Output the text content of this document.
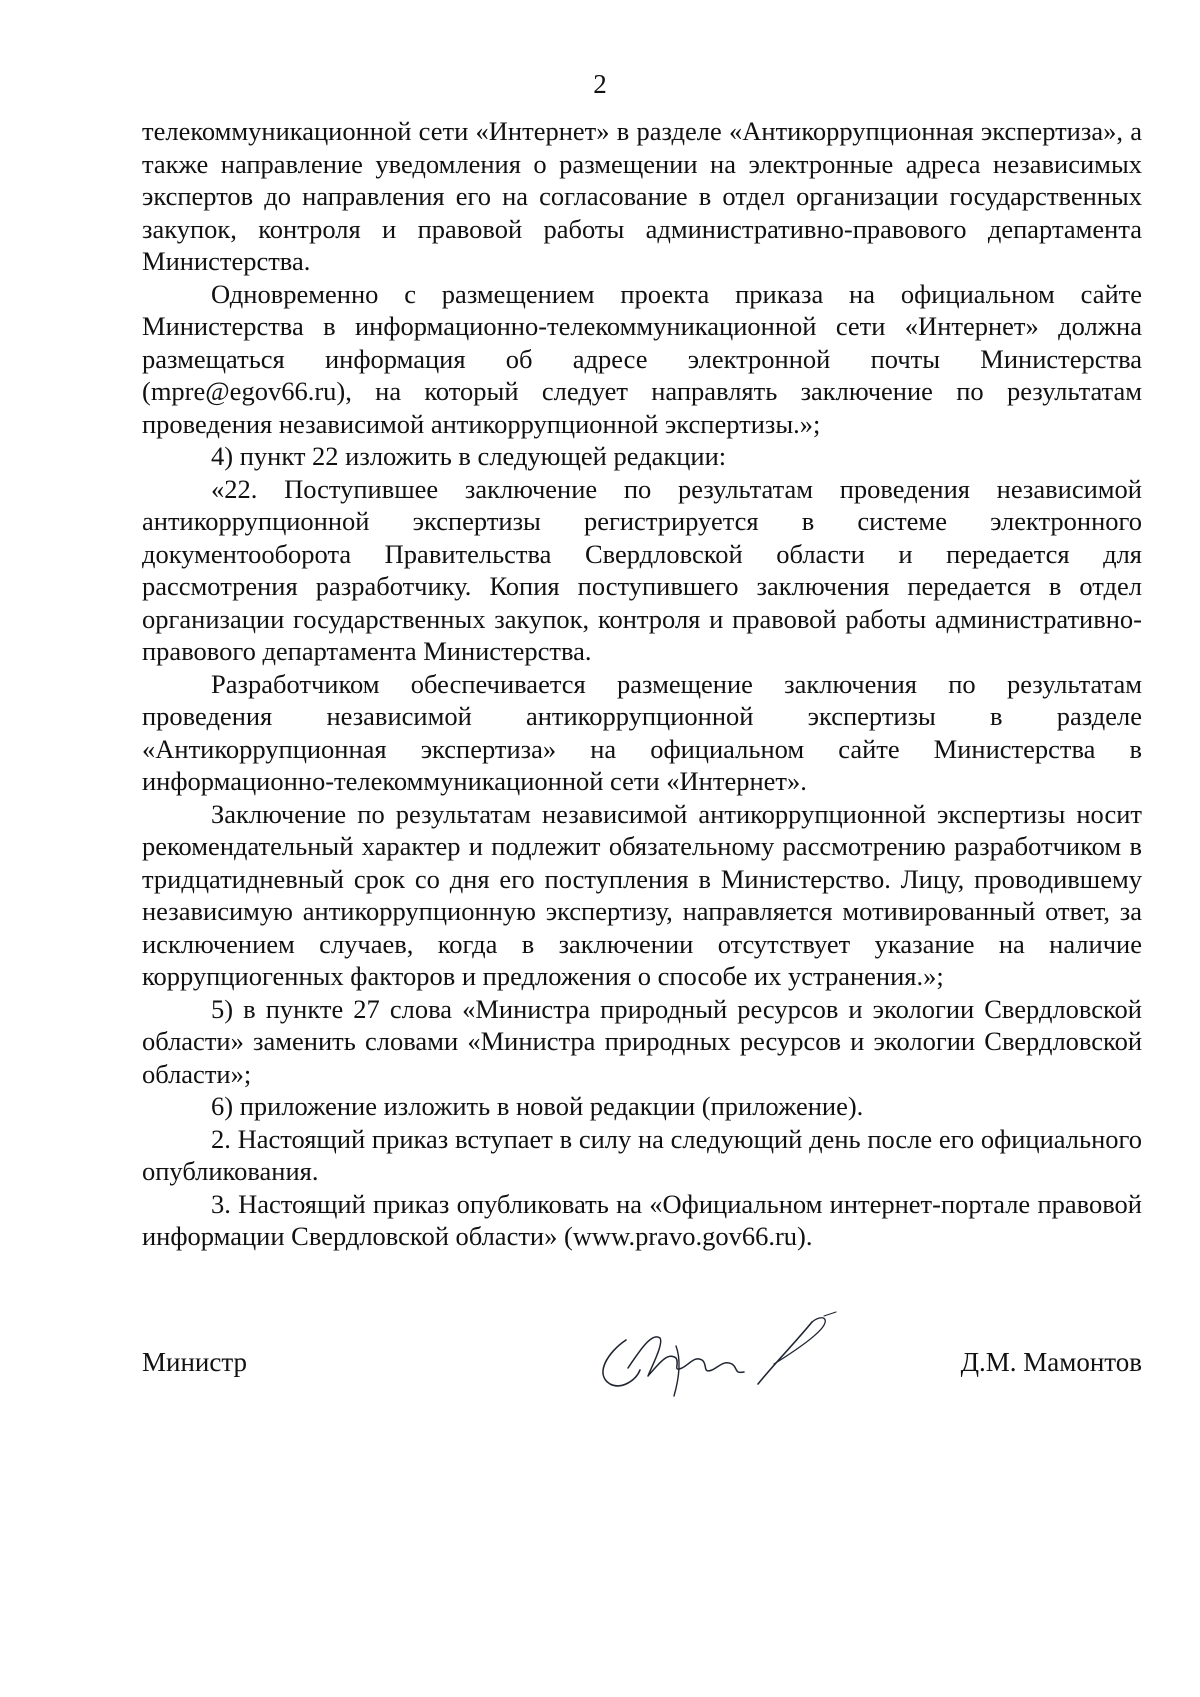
2

телекоммуникационной сети «Интернет» в разделе «Антикоррупционная экспертиза», а также направление уведомления о размещении на электронные адреса независимых экспертов до направления его на согласование в отдел организации государственных закупок, контроля и правовой работы административно-правового департамента Министерства.

Одновременно с размещением проекта приказа на официальном сайте Министерства в информационно-телекоммуникационной сети «Интернет» должна размещаться информация об адресе электронной почты Министерства (mpre@egov66.ru), на который следует направлять заключение по результатам проведения независимой антикоррупционной экспертизы.»;

4) пункт 22 изложить в следующей редакции:

«22. Поступившее заключение по результатам проведения независимой антикоррупционной экспертизы регистрируется в системе электронного документооборота Правительства Свердловской области и передается для рассмотрения разработчику. Копия поступившего заключения передается в отдел организации государственных закупок, контроля и правовой работы административно-правового департамента Министерства.

Разработчиком обеспечивается размещение заключения по результатам проведения независимой антикоррупционной экспертизы в разделе «Антикоррупционная экспертиза» на официальном сайте Министерства в информационно-телекоммуникационной сети «Интернет».

Заключение по результатам независимой антикоррупционной экспертизы носит рекомендательный характер и подлежит обязательному рассмотрению разработчиком в тридцатидневный срок со дня его поступления в Министерство. Лицу, проводившему независимую антикоррупционную экспертизу, направляется мотивированный ответ, за исключением случаев, когда в заключении отсутствует указание на наличие коррупциогенных факторов и предложения о способе их устранения.»;

5) в пункте 27 слова «Министра природный ресурсов и экологии Свердловской области» заменить словами «Министра природных ресурсов и экологии Свердловской области»;

6) приложение изложить в новой редакции (приложение).

2. Настоящий приказ вступает в силу на следующий день после его официального опубликования.

3. Настоящий приказ опубликовать на «Официальном интернет-портале правовой информации Свердловской области» (www.pravo.gov66.ru).

Министр	Д.М. Мамонтов
